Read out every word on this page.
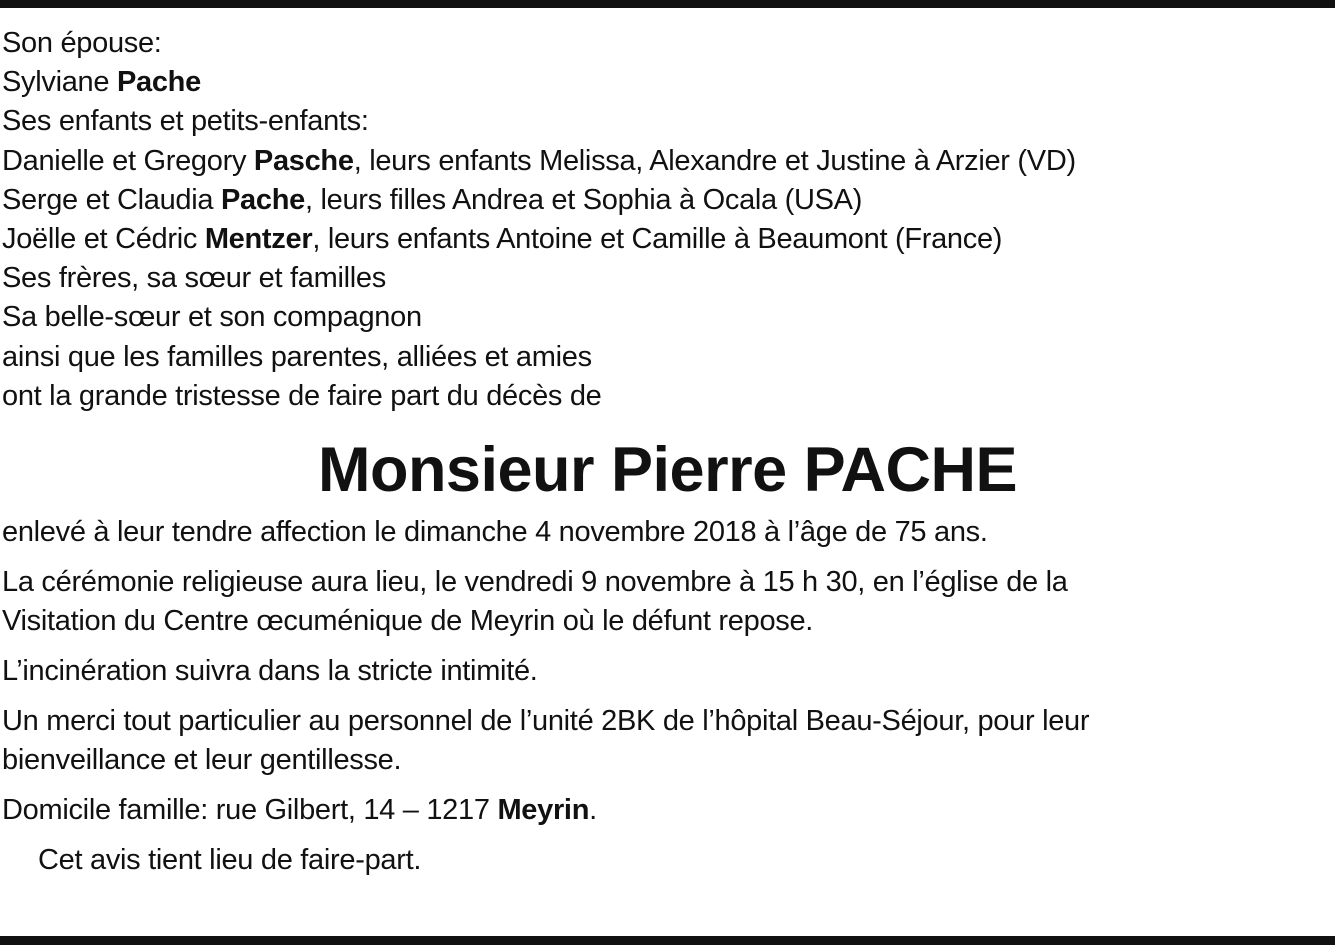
Son épouse:
Sylviane Pache
Ses enfants et petits-enfants:
Danielle et Gregory Pasche, leurs enfants Melissa, Alexandre et Justine à Arzier (VD)
Serge et Claudia Pache, leurs filles Andrea et Sophia à Ocala (USA)
Joëlle et Cédric Mentzer, leurs enfants Antoine et Camille à Beaumont (France)
Ses frères, sa sœur et familles
Sa belle-sœur et son compagnon
ainsi que les familles parentes, alliées et amies
ont la grande tristesse de faire part du décès de
Monsieur Pierre PACHE
enlevé à leur tendre affection le dimanche 4 novembre 2018 à l’âge de 75 ans.
La cérémonie religieuse aura lieu, le vendredi 9 novembre à 15 h 30, en l’église de la
Visitation du Centre œcuménique de Meyrin où le défunt repose.
L’incinération suivra dans la stricte intimité.
Un merci tout particulier au personnel de l’unité 2BK de l’hôpital Beau-Séjour, pour leur
bienveillance et leur gentillesse.
Domicile famille: rue Gilbert, 14 – 1217 Meyrin.
Cet avis tient lieu de faire-part.
